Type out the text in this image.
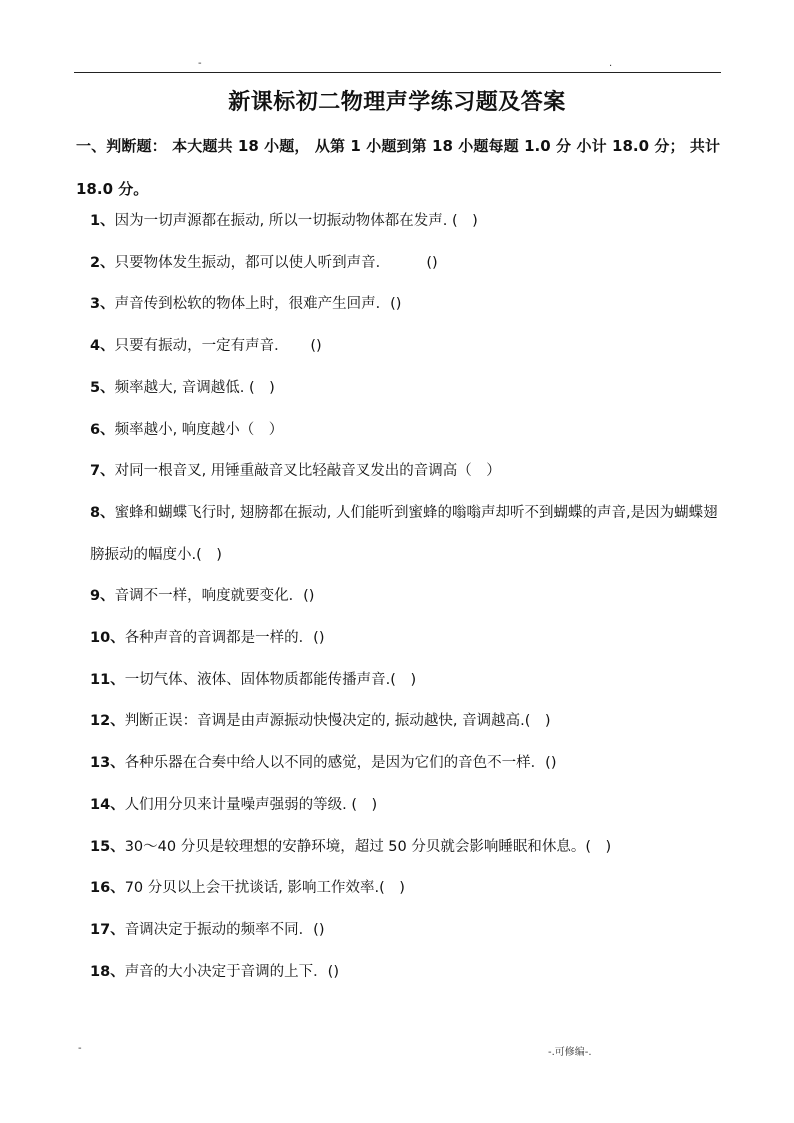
-	.
新课标初二物理声学练习题及答案
一、判断题： 本大题共 18 小题， 从第 1 小题到第 18 小题每题 1.0 分 小计 18.0 分； 共计 18.0 分。
1、因为一切声源都在振动, 所以一切振动物体都在发声. (　)
2、只要物体发生振动，都可以使人听到声音．　　　()
3、声音传到松软的物体上时，很难产生回声．()
4、只要有振动，一定有声音．　　()
5、频率越大, 音调越低. (　)
6、频率越小, 响度越小（　）
7、对同一根音叉, 用锤重敲音叉比轻敲音叉发出的音调高（　）
8、蜜蜂和蝴蝶飞行时, 翅膀都在振动, 人们能听到蜜蜂的嗡嗡声却听不到蝴蝶的声音,是因为蝴蝶翅膀振动的幅度小.(　)
9、音调不一样，响度就要变化．()
10、各种声音的音调都是一样的．()
11、一切气体、液体、固体物质都能传播声音.(　)
12、判断正误：音调是由声源振动快慢决定的, 振动越快, 音调越高.(　)
13、各种乐器在合奏中给人以不同的感觉，是因为它们的音色不一样．()
14、人们用分贝来计量噪声强弱的等级. (　)
15、30～40 分贝是较理想的安静环境，超过 50 分贝就会影响睡眠和休息。(　)
16、70 分贝以上会干扰谈话, 影响工作效率.(　)
17、音调决定于振动的频率不同．()
18、声音的大小决定于音调的上下．()
-	-.可修编-.
